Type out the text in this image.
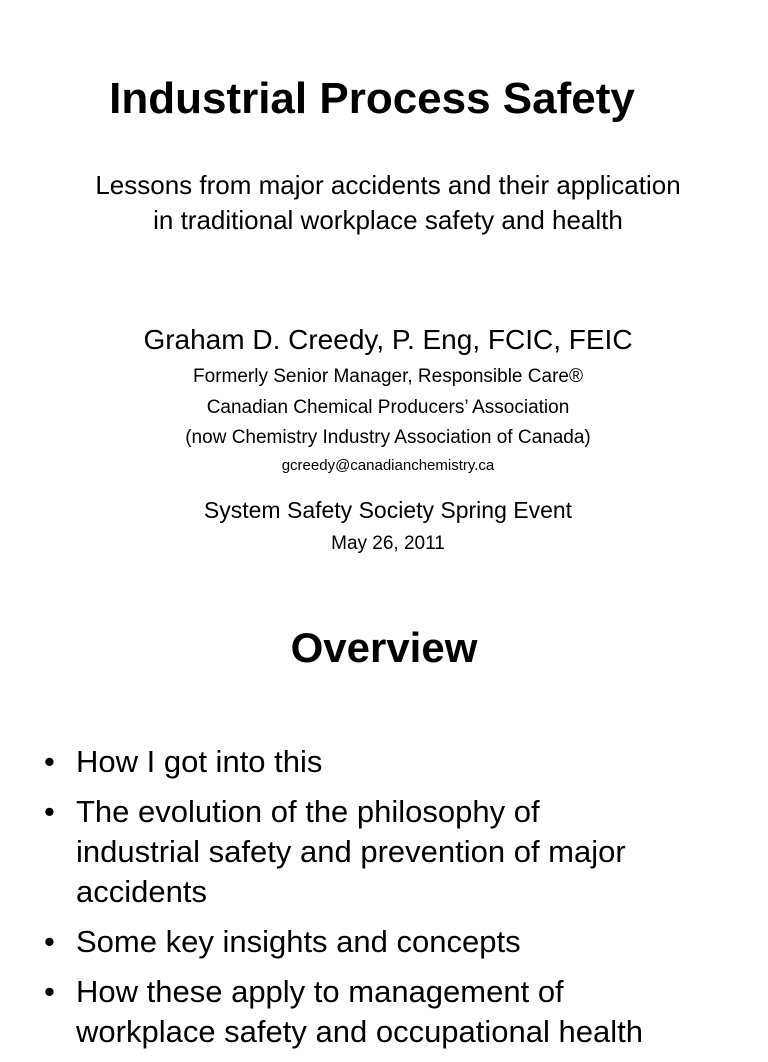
Industrial Process Safety
Lessons from major accidents and their application
in traditional workplace safety and health
Graham D. Creedy, P. Eng, FCIC, FEIC
Formerly Senior Manager, Responsible Care®
Canadian Chemical Producers’ Association
(now Chemistry Industry Association of Canada)
gcreedy@canadianchemistry.ca
System Safety Society Spring Event
May 26, 2011
Overview
• How I got into this
• The evolution of the philosophy of
industrial safety and prevention of major
accidents
• Some key insights and concepts
• How these apply to management of
workplace safety and occupational health
